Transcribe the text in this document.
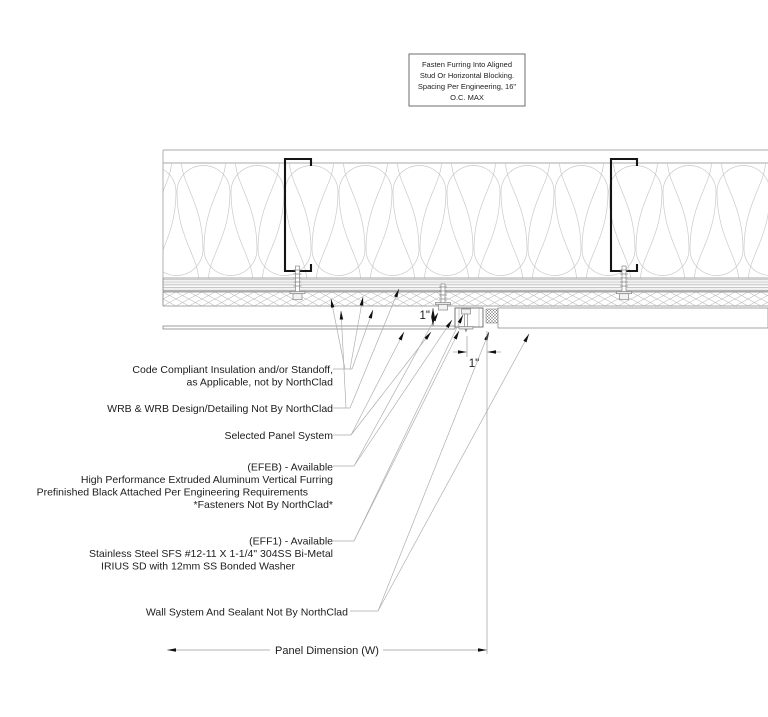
1"
1"
Panel Dimension (W)
Code Compliant Insulation and/or Standoff,
as Applicable, not by NorthClad
WRB & WRB Design/Detailing Not By NorthClad
Selected Panel System
(EFEB) - Available
High Performance Extruded Aluminum Vertical Furring
Prefinished Black Attached Per Engineering Requirements
*Fasteners Not By NorthClad*
(EFF1) - Available
Stainless Steel SFS #12-11 X 1-1/4" 304SS Bi-Metal
IRIUS SD with 12mm SS Bonded Washer
Wall System And Sealant Not By NorthClad
Fasten Furring Into Aligned
Stud Or Horizontal Blocking.
Spacing Per Engineering, 16"
O.C. MAX
